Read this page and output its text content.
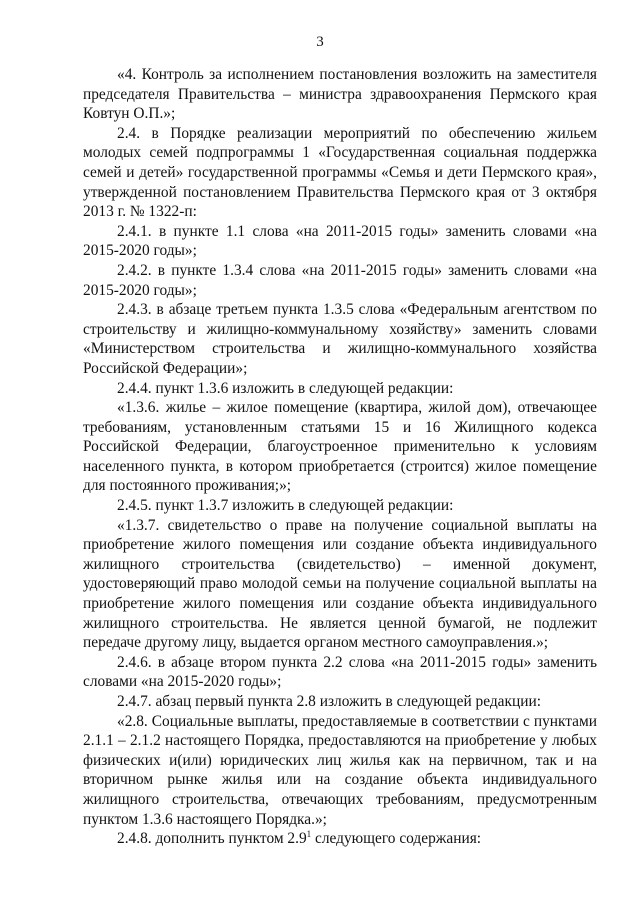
3

«4. Контроль за исполнением постановления возложить на заместителя председателя Правительства – министра здравоохранения Пермского края Ковтун О.П.»;

2.4. в Порядке реализации мероприятий по обеспечению жильем молодых семей подпрограммы 1 «Государственная социальная поддержка семей и детей» государственной программы «Семья и дети Пермского края», утвержденной постановлением Правительства Пермского края от 3 октября 2013 г. № 1322-п:

2.4.1. в пункте 1.1 слова «на 2011-2015 годы» заменить словами «на 2015-2020 годы»;

2.4.2. в пункте 1.3.4 слова «на 2011-2015 годы» заменить словами «на 2015-2020 годы»;

2.4.3. в абзаце третьем пункта 1.3.5 слова «Федеральным агентством по строительству и жилищно-коммунальному хозяйству» заменить словами «Министерством строительства и жилищно-коммунального хозяйства Российской Федерации»;

2.4.4. пункт 1.3.6 изложить в следующей редакции:

«1.3.6. жилье – жилое помещение (квартира, жилой дом), отвечающее требованиям, установленным статьями 15 и 16 Жилищного кодекса Российской Федерации, благоустроенное применительно к условиям населенного пункта, в котором приобретается (строится) жилое помещение для постоянного проживания;»;

2.4.5. пункт 1.3.7 изложить в следующей редакции:

«1.3.7. свидетельство о праве на получение социальной выплаты на приобретение жилого помещения или создание объекта индивидуального жилищного строительства (свидетельство) – именной документ, удостоверяющий право молодой семьи на получение социальной выплаты на приобретение жилого помещения или создание объекта индивидуального жилищного строительства. Не является ценной бумагой, не подлежит передаче другому лицу, выдается органом местного самоуправления.»;

2.4.6. в абзаце втором пункта 2.2 слова «на 2011-2015 годы» заменить словами «на 2015-2020 годы»;

2.4.7. абзац первый пункта 2.8 изложить в следующей редакции:

«2.8. Социальные выплаты, предоставляемые в соответствии с пунктами 2.1.1 – 2.1.2 настоящего Порядка, предоставляются на приобретение у любых физических и(или) юридических лиц жилья как на первичном, так и на вторичном рынке жилья или на создание объекта индивидуального жилищного строительства, отвечающих требованиям, предусмотренным пунктом 1.3.6 настоящего Порядка.»;

2.4.8. дополнить пунктом $2.9^1$ следующего содержания:
